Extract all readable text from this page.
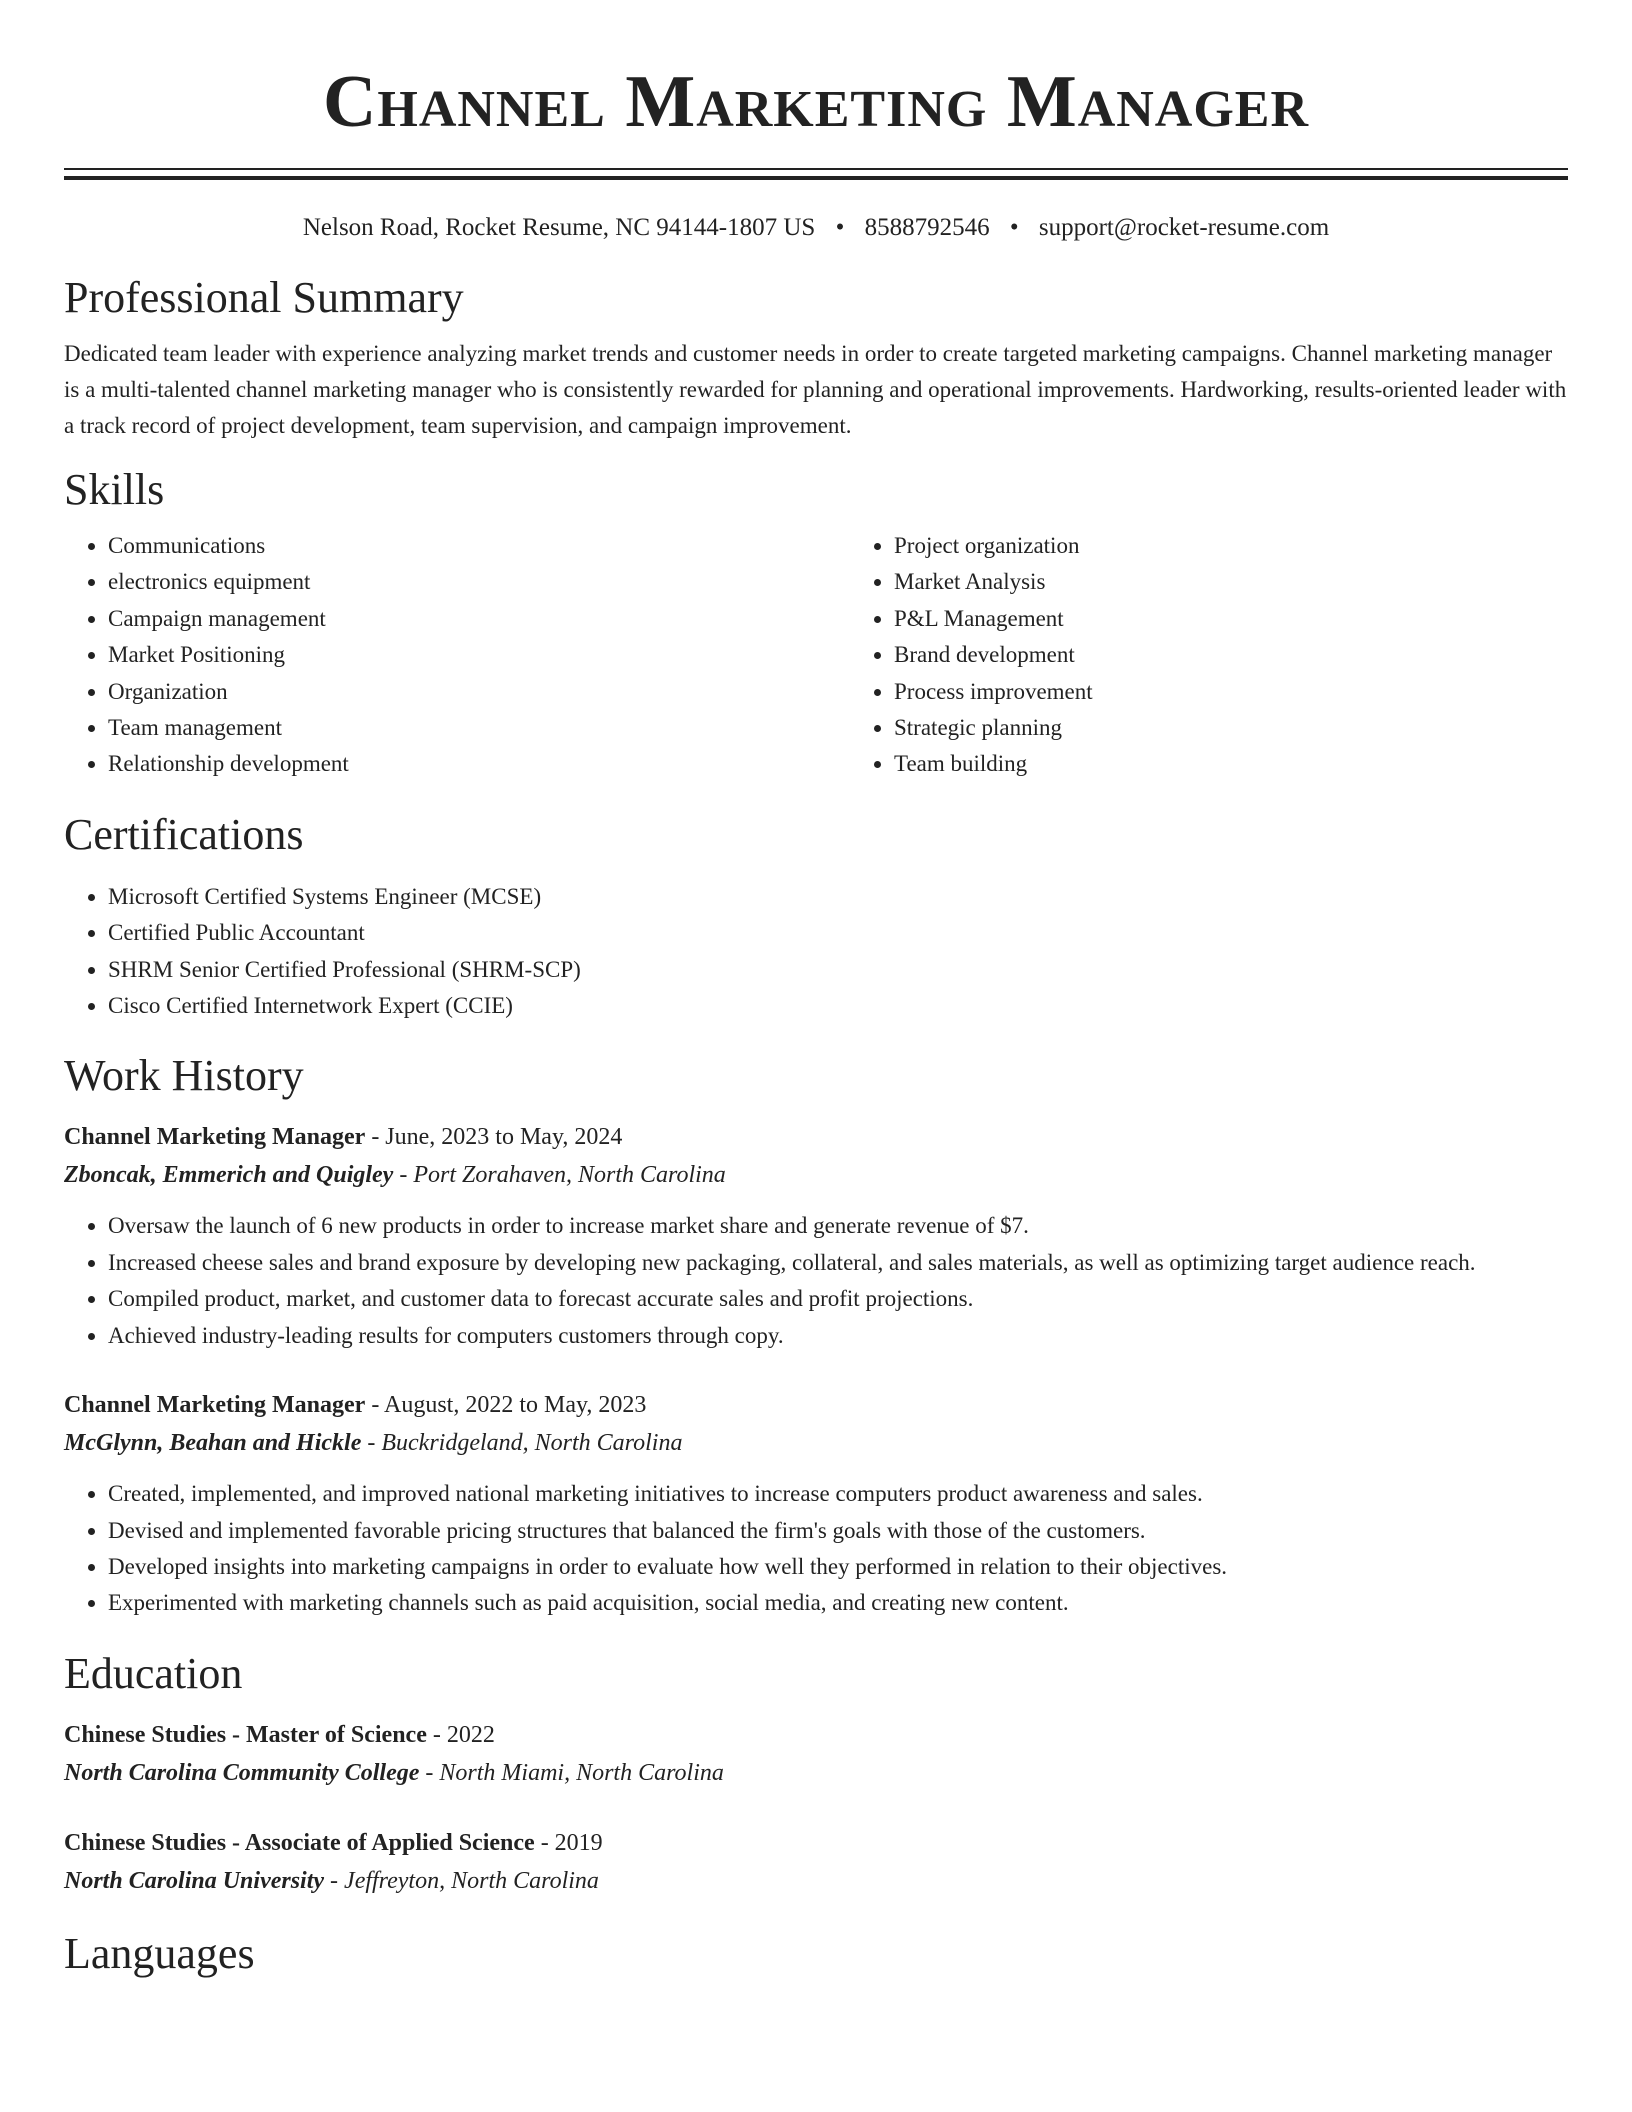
Channel Marketing Manager
Nelson Road, Rocket Resume, NC 94144-1807 US • 8588792546 • support@rocket-resume.com
Professional Summary

Dedicated team leader with experience analyzing market trends and customer needs in order to create targeted marketing campaigns. Channel marketing manager is a multi-talented channel marketing manager who is consistently rewarded for planning and operational improvements. Hardworking, results-oriented leader with a track record of project development, team supervision, and campaign improvement.

Skills
• Communications
• electronics equipment
• Campaign management
• Market Positioning
• Organization
• Team management
• Relationship development
• Project organization
• Market Analysis
• P&L Management
• Brand development
• Process improvement
• Strategic planning
• Team building
Certifications
• Microsoft Certified Systems Engineer (MCSE)
• Certified Public Accountant
• SHRM Senior Certified Professional (SHRM-SCP)
• Cisco Certified Internetwork Expert (CCIE)
Work History
Channel Marketing Manager - June, 2023 to May, 2024
Zboncak, Emmerich and Quigley - Port Zorahaven, North Carolina
• Oversaw the launch of 6 new products in order to increase market share and generate revenue of $7.
• Increased cheese sales and brand exposure by developing new packaging, collateral, and sales materials, as well as optimizing target audience reach.
• Compiled product, market, and customer data to forecast accurate sales and profit projections.
• Achieved industry-leading results for computers customers through copy.
Channel Marketing Manager - August, 2022 to May, 2023
McGlynn, Beahan and Hickle - Buckridgeland, North Carolina
• Created, implemented, and improved national marketing initiatives to increase computers product awareness and sales.
• Devised and implemented favorable pricing structures that balanced the firm's goals with those of the customers.
• Developed insights into marketing campaigns in order to evaluate how well they performed in relation to their objectives.
• Experimented with marketing channels such as paid acquisition, social media, and creating new content.
Education
Chinese Studies - Master of Science - 2022
North Carolina Community College - North Miami, North Carolina
Chinese Studies - Associate of Applied Science - 2019
North Carolina University - Jeffreyton, North Carolina
Languages
